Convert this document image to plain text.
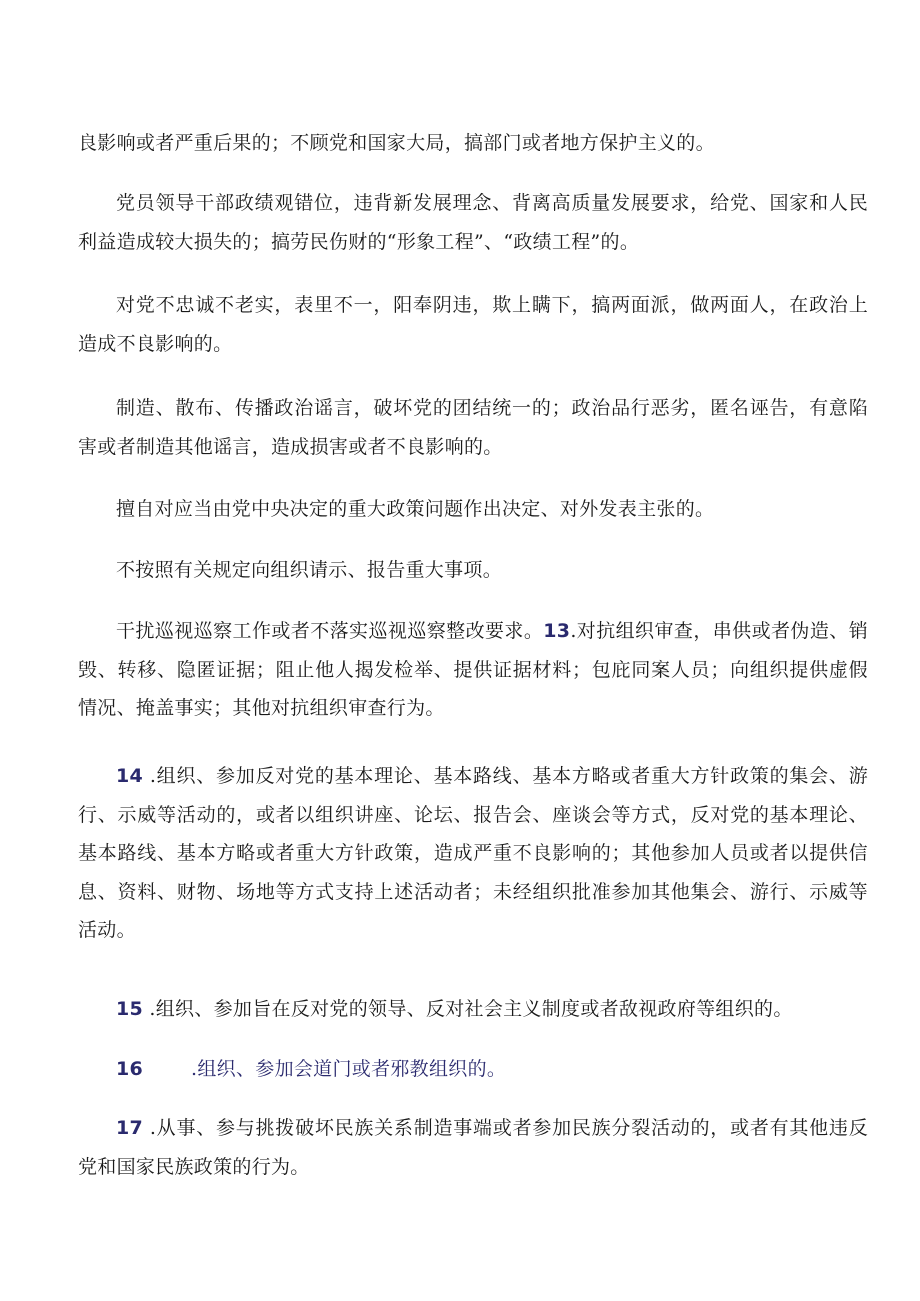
良影响或者严重后果的；不顾党和国家大局，搞部门或者地方保护主义的。

党员领导干部政绩观错位，违背新发展理念、背离高质量发展要求，给党、国家和人民利益造成较大损失的；搞劳民伤财的“形象工程”、“政绩工程”的。

对党不忠诚不老实，表里不一，阳奉阴违，欺上瞒下，搞两面派，做两面人，在政治上造成不良影响的。

制造、散布、传播政治谣言，破坏党的团结统一的；政治品行恶劣，匿名诬告，有意陷害或者制造其他谣言，造成损害或者不良影响的。

擅自对应当由党中央决定的重大政策问题作出决定、对外发表主张的。

不按照有关规定向组织请示、报告重大事项。

干扰巡视巡察工作或者不落实巡视巡察整改要求。13.对抗组织审查，串供或者伪造、销毁、转移、隐匿证据；阻止他人揭发检举、提供证据材料；包庇同案人员；向组织提供虚假情况、掩盖事实；其他对抗组织审查行为。

14 .组织、参加反对党的基本理论、基本路线、基本方略或者重大方针政策的集会、游行、示威等活动的，或者以组织讲座、论坛、报告会、座谈会等方式，反对党的基本理论、基本路线、基本方略或者重大方针政策，造成严重不良影响的；其他参加人员或者以提供信息、资料、财物、场地等方式支持上述活动者；未经组织批准参加其他集会、游行、示威等活动。

15 .组织、参加旨在反对党的领导、反对社会主义制度或者敌视政府等组织的。

16	.组织、参加会道门或者邪教组织的。

17 .从事、参与挑拨破坏民族关系制造事端或者参加民族分裂活动的，或者有其他违反党和国家民族政策的行为。
